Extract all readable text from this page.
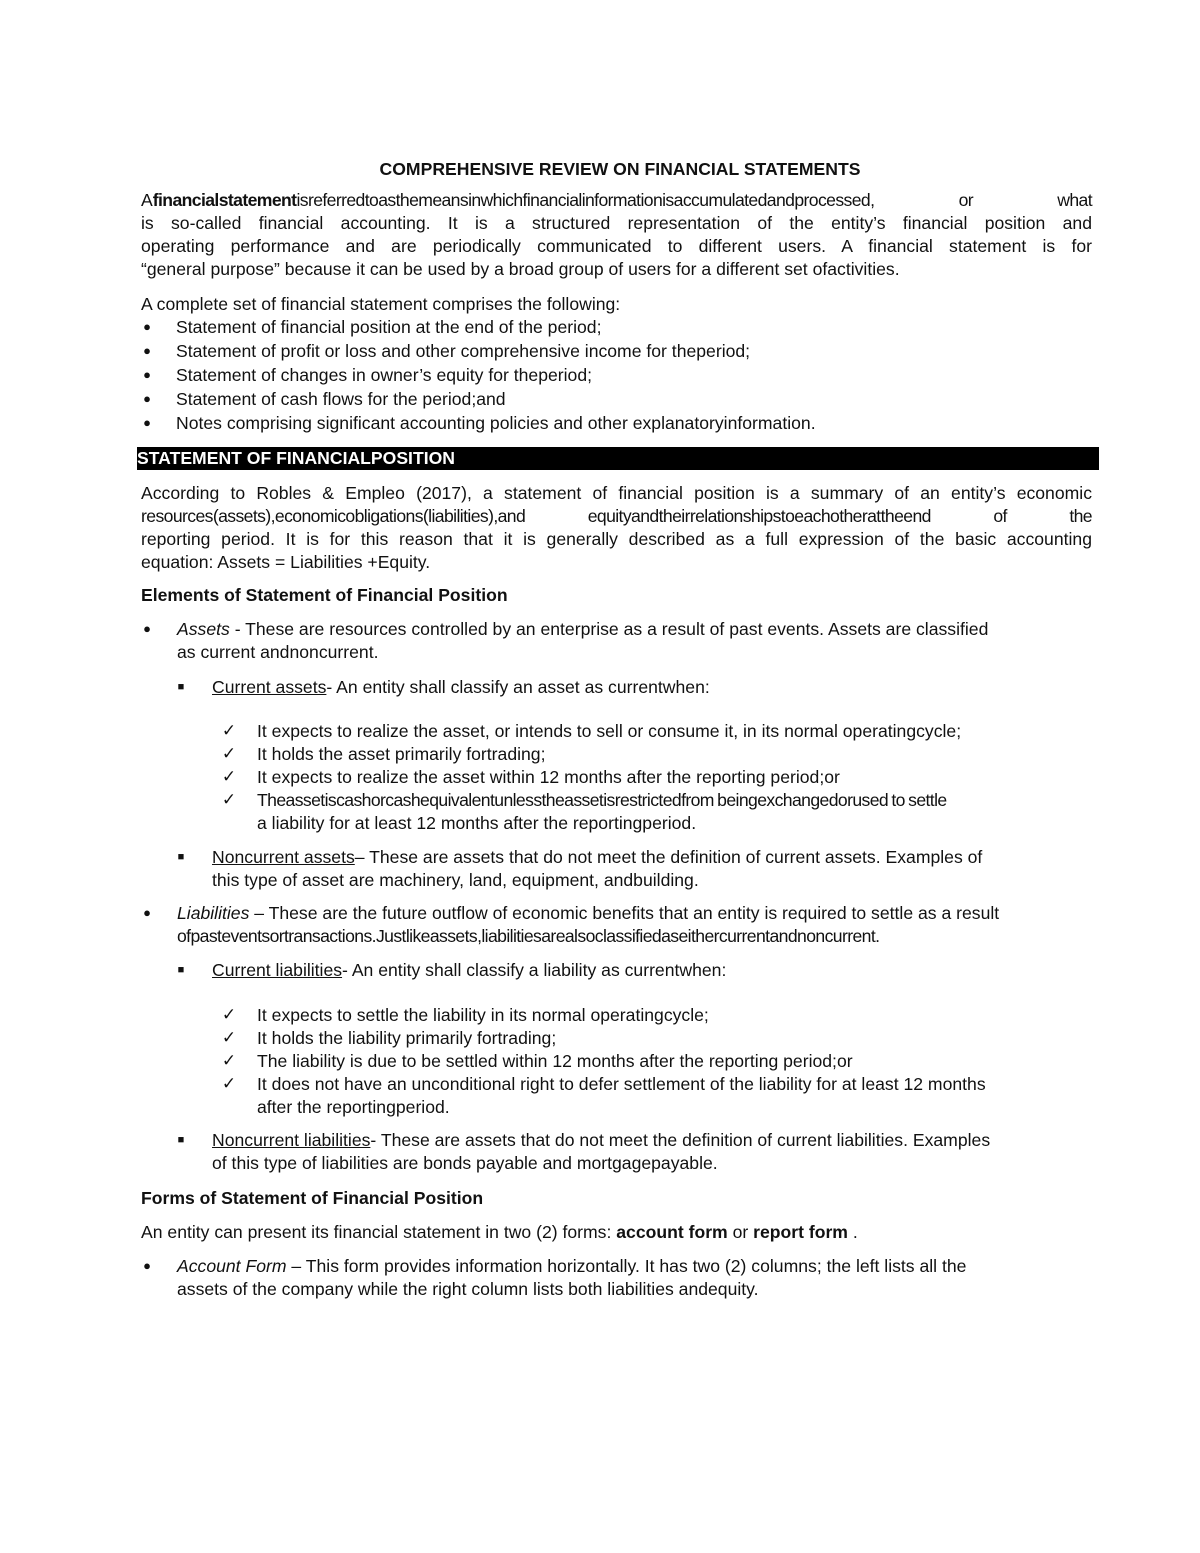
COMPREHENSIVE REVIEW ON FINANCIAL STATEMENTS
Afinancialstatementisreferredtoasthemeansinwhichfinancialinformationisaccumulatedandprocessed, or what
is so-called financial accounting. It is a structured representation of the entity’s financial position and
operating performance and are periodically communicated to different users. A financial statement is for
“general purpose” because it can be used by a broad group of users for a different set ofactivities.
A complete set of financial statement comprises the following:
● Statement of financial position at the end of the period;
● Statement of profit or loss and other comprehensive income for theperiod;
● Statement of changes in owner’s equity for theperiod;
● Statement of cash flows for the period;and
● Notes comprising significant accounting policies and other explanatoryinformation.
STATEMENT OF FINANCIALPOSITION
According to Robles & Empleo (2017), a statement of financial position is a summary of an entity’s economic
resources(assets),economicobligations(liabilities),and equityandtheirrelationshipstoeachotherattheend of the
reporting period. It is for this reason that it is generally described as a full expression of the basic accounting
equation: Assets = Liabilities +Equity.
Elements of Statement of Financial Position
● Assets - These are resources controlled by an enterprise as a result of past events. Assets are classified
as current andnoncurrent.
■ Current assets- An entity shall classify an asset as currentwhen:
✓ It expects to realize the asset, or intends to sell or consume it, in its normal operatingcycle;
✓ It holds the asset primarily fortrading;
✓ It expects to realize the asset within 12 months after the reporting period;or
✓ Theassetiscashorcashequivalentunlesstheassetisrestrictedfrom beingexchangedorused to settle
a liability for at least 12 months after the reportingperiod.
■ Noncurrent assets– These are assets that do not meet the definition of current assets. Examples of
this type of asset are machinery, land, equipment, andbuilding.
● Liabilities – These are the future outflow of economic benefits that an entity is required to settle as a result
ofpasteventsortransactions.Justlikeassets,liabilitiesarealsoclassifiedaseithercurrentandnoncurrent.
■ Current liabilities- An entity shall classify a liability as currentwhen:
✓ It expects to settle the liability in its normal operatingcycle;
✓ It holds the liability primarily fortrading;
✓ The liability is due to be settled within 12 months after the reporting period;or
✓ It does not have an unconditional right to defer settlement of the liability for at least 12 months
after the reportingperiod.
■ Noncurrent liabilities- These are assets that do not meet the definition of current liabilities. Examples
of this type of liabilities are bonds payable and mortgagepayable.
Forms of Statement of Financial Position
An entity can present its financial statement in two (2) forms: account form or report form .
● Account Form – This form provides information horizontally. It has two (2) columns; the left lists all the
assets of the company while the right column lists both liabilities andequity.
